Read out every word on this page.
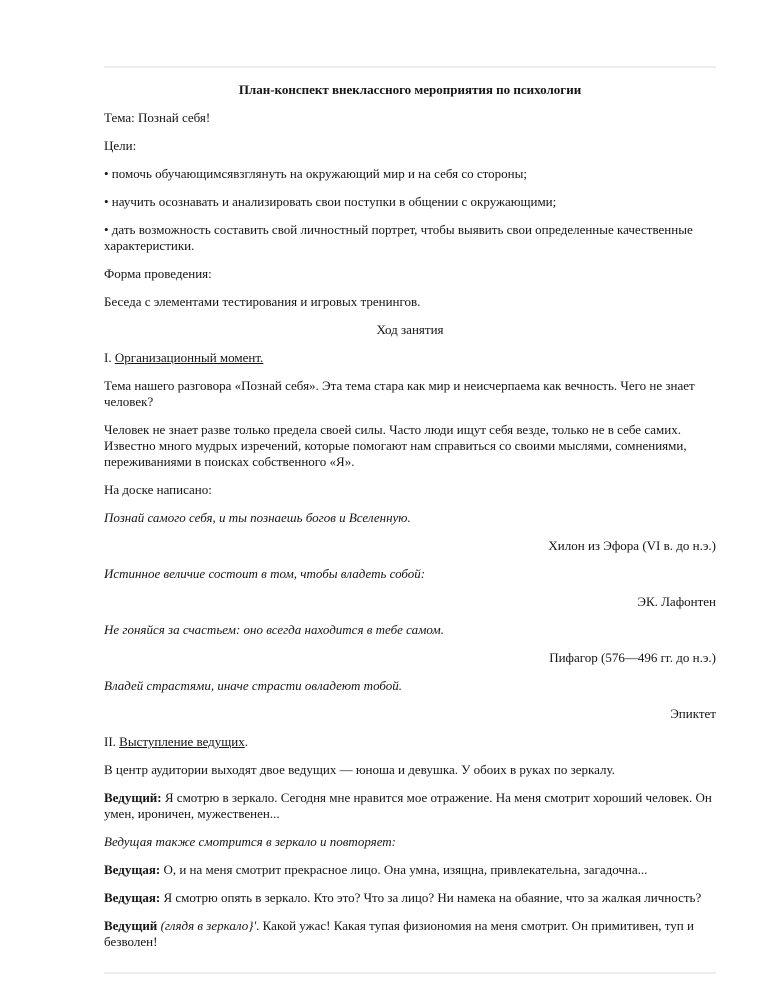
План-конспект внеклассного мероприятия по психологии

Тема: Познай себя!

Цели:

• помочь обучающимсявзглянуть на окружающий мир и на себя со стороны;

• научить осознавать и анализировать свои поступки в общении с окружающими;

• дать возможность составить свой личностный портрет, чтобы выявить свои определенные качественные характеристики.

Форма проведения:

Беседа с элементами тестирования и игровых тренингов.

Ход занятия

I. Организационный момент.

Тема нашего разговора «Познай себя». Эта тема стара как мир и неисчерпаема как вечность. Чего не знает человек?

Человек не знает разве только предела своей силы. Часто люди ищут себя везде, только не в себе самих. Известно много мудрых изречений, которые помогают нам справиться со своими мыслями, сомнениями, переживаниями в поисках собственного «Я».

На доске написано:

Познай самого себя, и ты познаешь богов и Вселенную.

Хилон из Эфора (VI в. до н.э.)

Истинное величие состоит в том, чтобы владеть собой:

ЭК. Лафонтен

Не гоняйся за счастьем: оно всегда находится в тебе самом.

Пифагор (576—496 гг. до н.э.)

Владей страстями, иначе страсти овладеют тобой.

Эпиктет

II. Выступление ведущих.

В центр аудитории выходят двое ведущих — юноша и девушка. У обоих в руках по зеркалу.

Ведущий: Я смотрю в зеркало. Сегодня мне нравится мое отражение. На меня смотрит хороший человек. Он умен, ироничен, мужественен...

Ведущая также смотрится в зеркало и повторяет:

Ведущая: О, и на меня смотрит прекрасное лицо. Она умна, изящна, привлекательна, загадочна...

Ведущая: Я смотрю опять в зеркало. Кто это? Что за лицо? Ни намека на обаяние, что за жалкая личность?

Ведущий (глядя в зеркало}'. Какой ужас! Какая тупая физиономия на меня смотрит. Он примитивен, туп и безволен!
